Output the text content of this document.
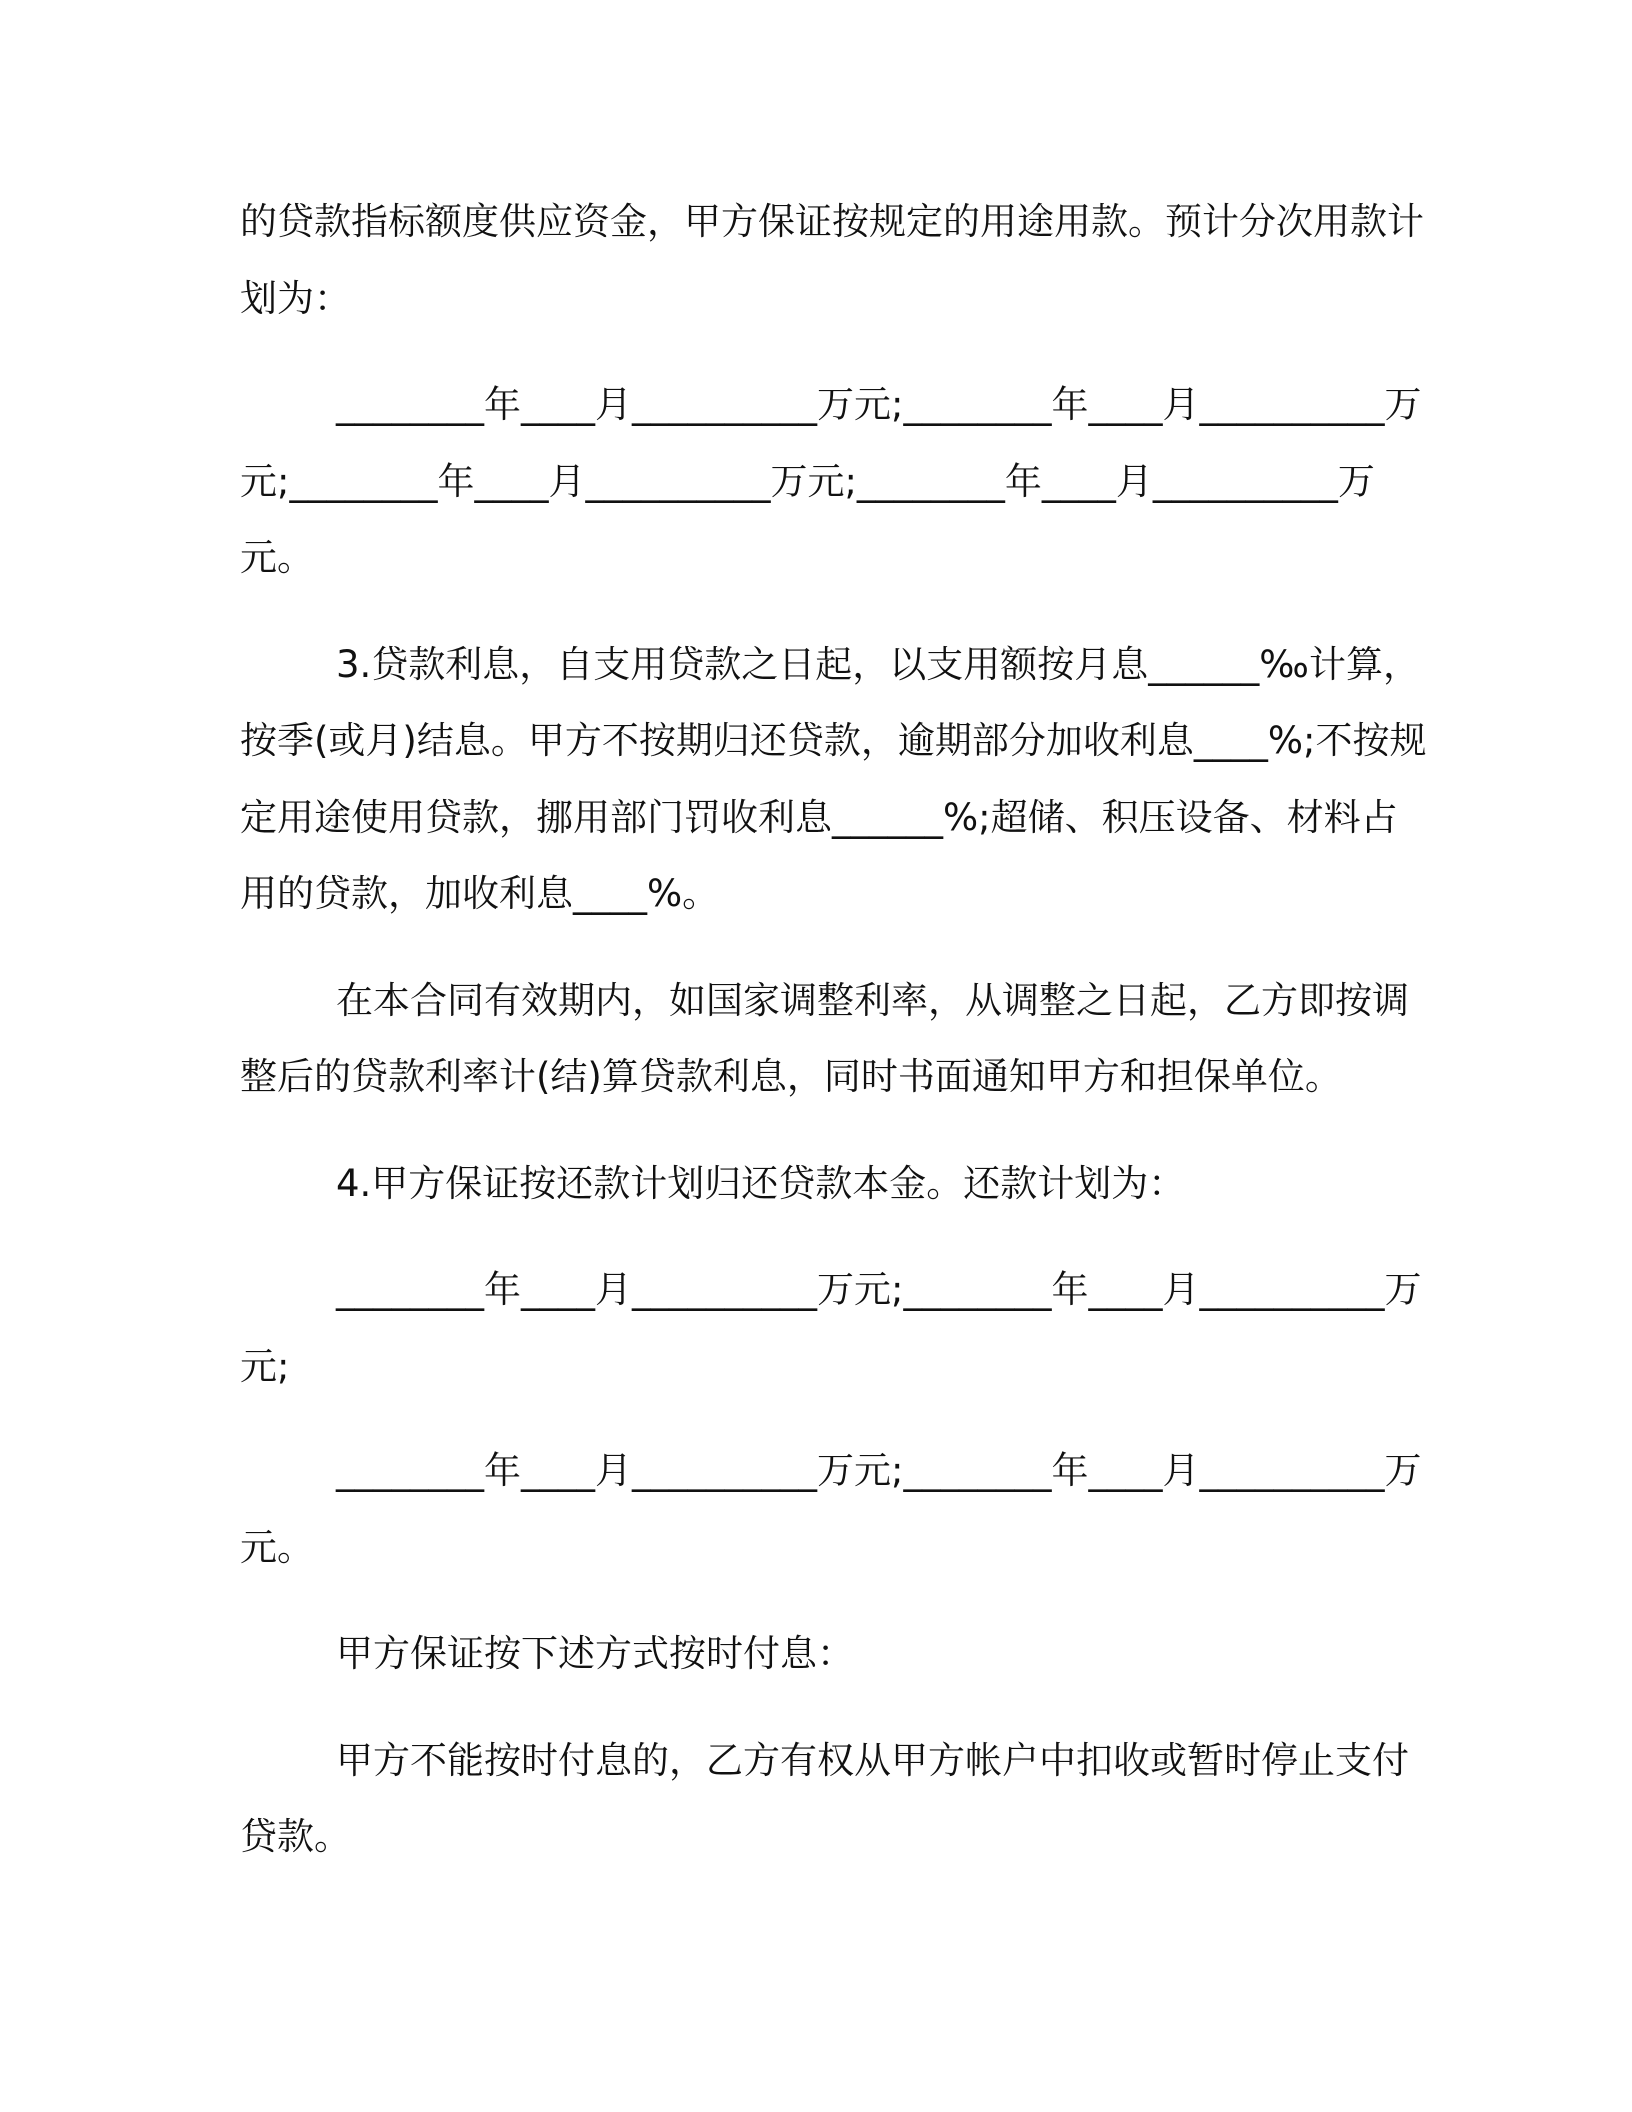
的贷款指标额度供应资金，甲方保证按规定的用途用款。预计分次用款计划为：

________年____月__________万元;________年____月__________万元;________年____月__________万元;________年____月__________万元。

3.贷款利息，自支用贷款之日起，以支用额按月息______‰计算，按季(或月)结息。甲方不按期归还贷款，逾期部分加收利息____%;不按规定用途使用贷款，挪用部门罚收利息______%;超储、积压设备、材料占用的贷款，加收利息____%。

在本合同有效期内，如国家调整利率，从调整之日起，乙方即按调整后的贷款利率计(结)算贷款利息，同时书面通知甲方和担保单位。

4.甲方保证按还款计划归还贷款本金。还款计划为：

________年____月__________万元;________年____月__________万元;

________年____月__________万元;________年____月__________万元。

甲方保证按下述方式按时付息：

甲方不能按时付息的，乙方有权从甲方帐户中扣收或暂时停止支付贷款。
